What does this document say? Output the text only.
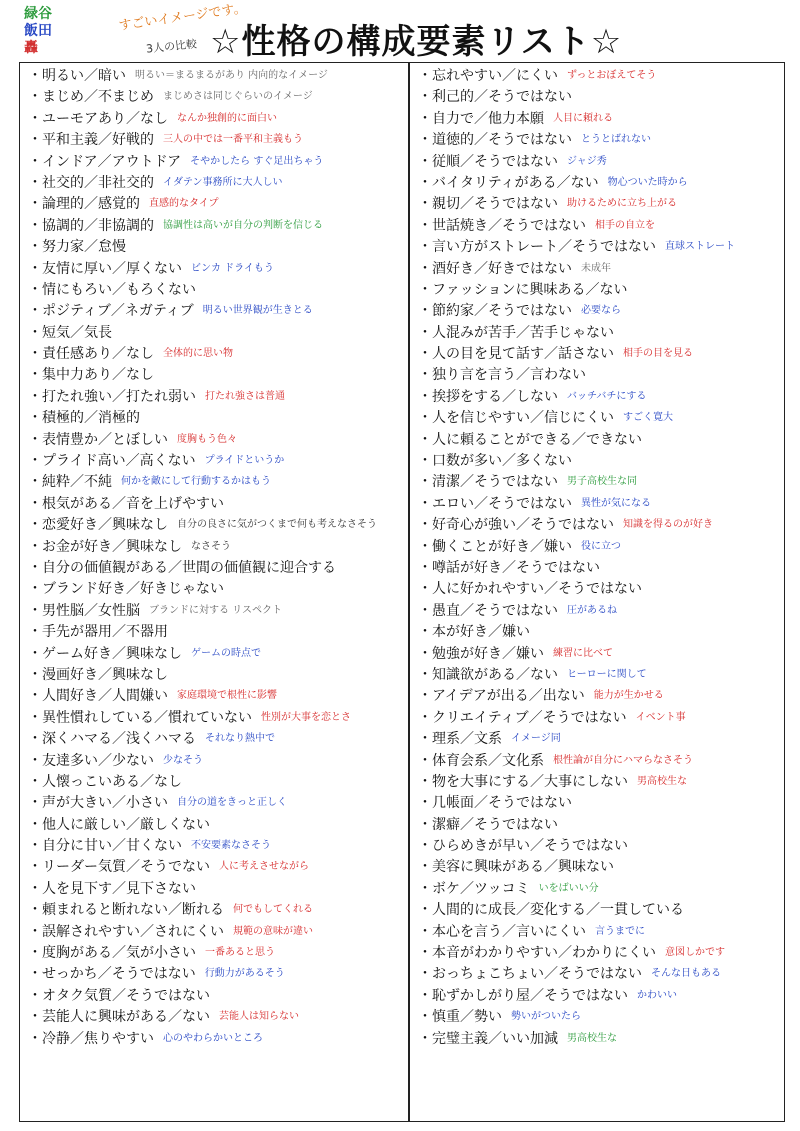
緑谷
飯田
轟
すごいイメージです。
3人の比較 ☆性格の構成要素リスト☆
・明るい／暗い 明るい＝まるまるがあり 内向的なイメージ
・まじめ／不まじめ まじめさは同じぐらいのイメージ
・ユーモアあり／なし なんか独創的に面白い
・平和主義／好戦的 三人の中では一番平和主義もう
・インドア／アウトドア そやかしたら すぐ足出ちゃう
・社交的／非社交的 イダテン事務所に大人しい
・論理的／感覚的 直感的なタイプ
・協調的／非協調的 協調性は高いが自分の判断を信じる
・努力家／怠慢
・友情に厚い／厚くない ビンカ ドライもう
・情にもろい／もろくない
・ポジティブ／ネガティブ 明るい世界観が生きとる
・短気／気長
・責任感あり／なし 全体的に思い物
・集中力あり／なし
・打たれ強い／打たれ弱い 打たれ強さは普通
・積極的／消極的
・表情豊か／とぼしい 度胸もう色々
・プライド高い／高くない プライドというか
・純粋／不純 何かを敵にして行動するかはもう
・根気がある／音を上げやすい
・恋愛好き／興味なし 自分の良さに気がつくまで何も考えなさそう
・お金が好き／興味なし なさそう
・自分の価値観がある／世間の価値観に迎合する
・ブランド好き／好きじゃない
・男性脳／女性脳 ブランドに対する リスペクト
・手先が器用／不器用
・ゲーム好き／興味なし ゲームの時点で
・漫画好き／興味なし
・人間好き／人間嫌い 家庭環境で根性に影響
・異性慣れしている／慣れていない 性別が大事を恋とさ
・深くハマる／浅くハマる それなり熱中で
・友達多い／少ない 少なそう
・人懐っこいある／なし
・声が大きい／小さい 自分の道をきっと正しく
・他人に厳しい／厳しくない
・自分に甘い／甘くない 不安要素なさそう
・リーダー気質／そうでない 人に考えさせながら
・人を見下す／見下さない
・頼まれると断れない／断れる 何でもしてくれる
・誤解されやすい／されにくい 規範の意味が違い
・度胸がある／気が小さい 一番あると思う
・せっかち／そうではない 行動力があるそう
・オタク気質／そうではない
・芸能人に興味がある／ない 芸能人は知らない
・冷静／焦りやすい 心のやわらかいところ
・忘れやすい／にくい ずっとおぼえてそう
・利己的／そうではない
・自力で／他力本願 人目に頼れる
・道徳的／そうではない とうとばれない
・従順／そうではない ジャジ秀
・バイタリティがある／ない 物心ついた時から
・親切／そうではない 助けるために立ち上がる
・世話焼き／そうではない 相手の自立を
・言い方がストレート／そうではない 直球ストレート
・酒好き／好きではない 未成年
・ファッションに興味ある／ない
・節約家／そうではない 必要なら
・人混みが苦手／苦手じゃない
・人の目を見て話す／話さない 相手の目を見る
・独り言を言う／言わない
・挨拶をする／しない バッチバチにする
・人を信じやすい／信じにくい すごく寛大
・人に頼ることができる／できない
・口数が多い／多くない
・清潔／そうではない 男子高校生な同
・エロい／そうではない 異性が気になる
・好奇心が強い／そうではない 知識を得るのが好き
・働くことが好き／嫌い 役に立つ
・噂話が好き／そうではない
・人に好かれやすい／そうではない
・愚直／そうではない 圧があるね
・本が好き／嫌い
・勉強が好き／嫌い 練習に比べて
・知識欲がある／ない ヒーローに関して
・アイデアが出る／出ない 能力が生かせる
・クリエイティブ／そうではない イベント事
・理系／文系 イメージ同
・体育会系／文化系 根性論が自分にハマらなさそう
・物を大事にする／大事にしない 男高校生な
・几帳面／そうではない
・潔癖／そうではない
・ひらめきが早い／そうではない
・美容に興味がある／興味ない
・ボケ／ツッコミ いをばいい分
・人間的に成長／変化する／一貫している
・本心を言う／言いにくい 言うまでに
・本音がわかりやすい／わかりにくい 意図しかです
・おっちょこちょい／そうではない そんな日もある
・恥ずかしがり屋／そうではない かわいい
・慎重／勢い 勢いがついたら
・完璧主義／いい加減 男高校生な
